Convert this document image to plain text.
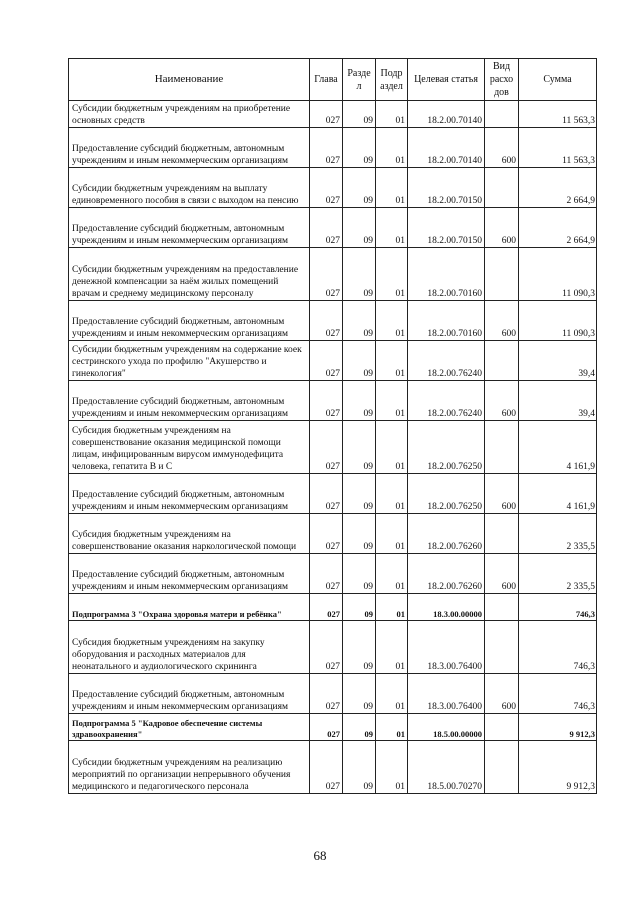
Наименование	Глава	Разде л	Подр аздел	Целевая статья	Вид расхо дов	Сумма
Субсидии бюджетным учреждениям на приобретение основных средств	027	09	01	18.2.00.70140		11 563,3
Предоставление субсидий бюджетным, автономным учреждениям и иным некоммерческим организациям	027	09	01	18.2.00.70140	600	11 563,3
Субсидии бюджетным учреждениям на выплату единовременного пособия в связи с выходом на пенсию	027	09	01	18.2.00.70150		2 664,9
Предоставление субсидий бюджетным, автономным учреждениям и иным некоммерческим организациям	027	09	01	18.2.00.70150	600	2 664,9
Субсидии бюджетным учреждениям на предоставление денежной компенсации за наём жилых помещений врачам и среднему медицинскому персоналу	027	09	01	18.2.00.70160		11 090,3
Предоставление субсидий бюджетным, автономным учреждениям и иным некоммерческим организациям	027	09	01	18.2.00.70160	600	11 090,3
Субсидии бюджетным учреждениям на содержание коек сестринского ухода по профилю "Акушерство и гинекология"	027	09	01	18.2.00.76240		39,4
Предоставление субсидий бюджетным, автономным учреждениям и иным некоммерческим организациям	027	09	01	18.2.00.76240	600	39,4
Субсидия бюджетным учреждениям на совершенствование оказания медицинской помощи лицам, инфицированным вирусом иммунодефицита человека, гепатита В и С	027	09	01	18.2.00.76250		4 161,9
Предоставление субсидий бюджетным, автономным учреждениям и иным некоммерческим организациям	027	09	01	18.2.00.76250	600	4 161,9
Субсидия бюджетным учреждениям на совершенствование оказания наркологической помощи	027	09	01	18.2.00.76260		2 335,5
Предоставление субсидий бюджетным, автономным учреждениям и иным некоммерческим организациям	027	09	01	18.2.00.76260	600	2 335,5
Подпрограмма 3 "Охрана здоровья матери и ребёнка"	027	09	01	18.3.00.00000		746,3
Субсидия бюджетным учреждениям на закупку оборудования и расходных материалов для неонатального и аудиологического скрининга	027	09	01	18.3.00.76400		746,3
Предоставление субсидий бюджетным, автономным учреждениям и иным некоммерческим организациям	027	09	01	18.3.00.76400	600	746,3
Подпрограмма 5 "Кадровое обеспечение системы здравоохранения"	027	09	01	18.5.00.00000		9 912,3
Субсидии бюджетным учреждениям на реализацию мероприятий по организации непрерывного обучения медицинского и педагогического персонала	027	09	01	18.5.00.70270		9 912,3
68
